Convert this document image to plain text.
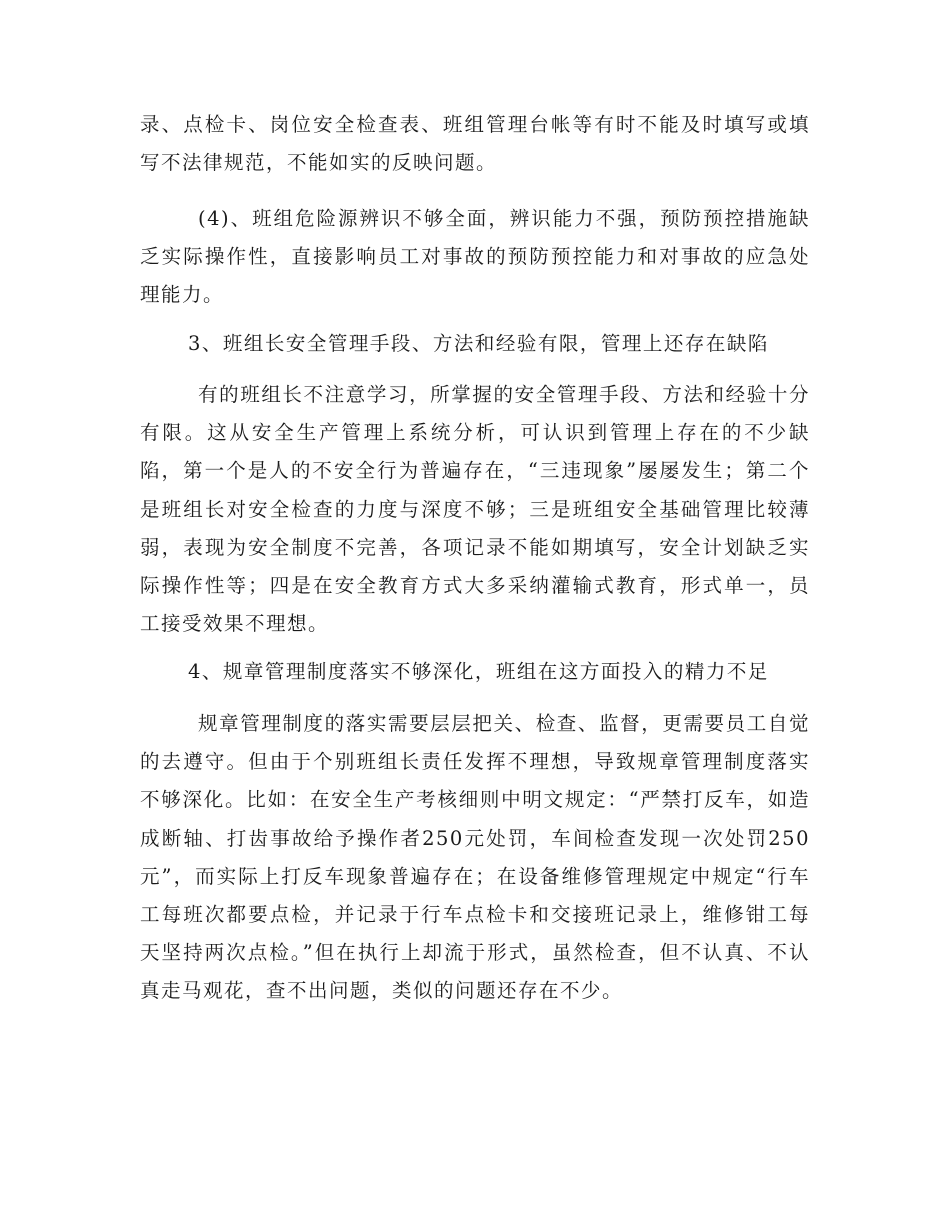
录、点检卡、岗位安全检查表、班组管理台帐等有时不能及时填写或填写不法律规范，不能如实的反映问题。

(4)、班组危险源辨识不够全面，辨识能力不强，预防预控措施缺乏实际操作性，直接影响员工对事故的预防预控能力和对事故的应急处理能力。

3、班组长安全管理手段、方法和经验有限，管理上还存在缺陷

有的班组长不注意学习，所掌握的安全管理手段、方法和经验十分有限。这从安全生产管理上系统分析，可认识到管理上存在的不少缺陷，第一个是人的不安全行为普遍存在，“三违现象”屡屡发生；第二个是班组长对安全检查的力度与深度不够；三是班组安全基础管理比较薄弱，表现为安全制度不完善，各项记录不能如期填写，安全计划缺乏实际操作性等；四是在安全教育方式大多采纳灌输式教育，形式单一，员工接受效果不理想。

4、规章管理制度落实不够深化，班组在这方面投入的精力不足

规章管理制度的落实需要层层把关、检查、监督，更需要员工自觉的去遵守。但由于个别班组长责任发挥不理想，导致规章管理制度落实不够深化。比如：在安全生产考核细则中明文规定：“严禁打反车，如造成断轴、打齿事故给予操作者250元处罚，车间检查发现一次处罚250元”，而实际上打反车现象普遍存在；在设备维修管理规定中规定“行车工每班次都要点检，并记录于行车点检卡和交接班记录上，维修钳工每天坚持两次点检。”但在执行上却流于形式，虽然检查，但不认真、不认真走马观花，查不出问题，类似的问题还存在不少。
